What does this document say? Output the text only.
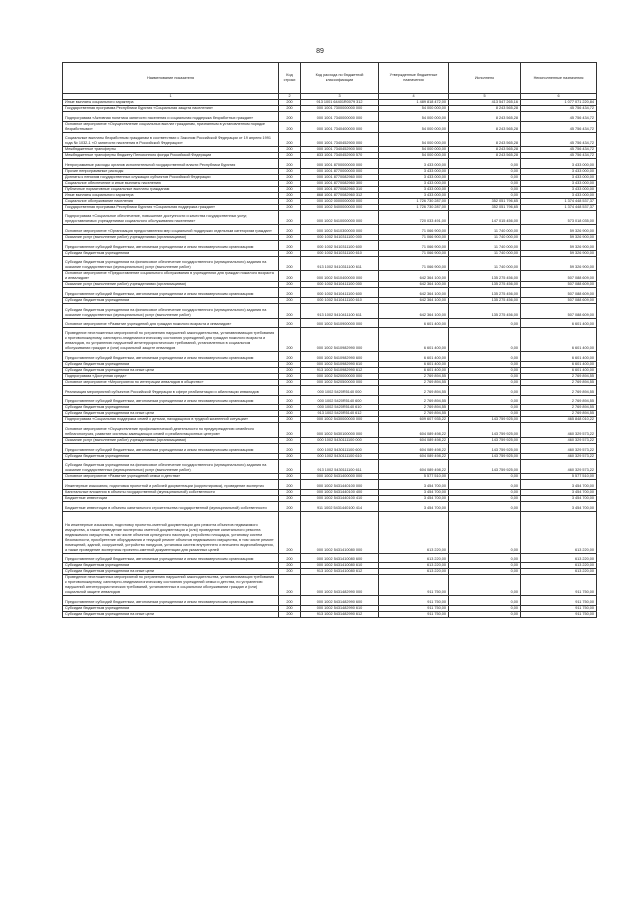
89
Наименование показателя	Код строки	Код расхода по бюджетной классификации	Утвержденные бюджетные назначения	Исполнено	Неисполненные назначения
1	2	3	4	5	6
Иные выплаты социального характера	200	913 1001 64401R0079 312	1 489 818 472,00	413 547 265,16	1 077 071 220,84
Государственная программа Республики Бурятия «Социальная защита населения»	200	000 1001 7300000000 000	54 000 000,00	8 243 565,28	45 756 434,72
Подпрограмма «Активная политика занятости населения и социальная поддержка безработных граждан»	200	000 1001 7340000000 000	54 000 000,00	8 243 565,28	45 756 434,72
Основное мероприятие «Осуществление социальных выплат гражданам, признанным в установленном порядке безработными»	200	000 1001 7340400000 000	54 000 000,00	8 243 565,28	45 756 434,72
Социальные выплаты безработным гражданам в соответствии с Законом Российской Федерации от 19 апреля 1991 года № 1032-1 «О занятости населения в Российской Федерации»	200	000 1001 7340452900 000	54 000 000,00	8 243 565,28	45 756 434,72
Межбюджетные трансферты	200	000 1001 7340452900 500	54 000 000,00	8 243 565,28	45 756 434,72
Межбюджетные трансферты бюджету Пенсионного фонда Российской Федерации	200	833 1001 7340452900 570	54 000 000,00	8 243 565,28	45 756 434,72
Непрограммные расходы органов исполнительной государственной власти Республики Бурятия	200	000 1001 8700000000 000	3 433 000,00	0,00	3 433 000,00
Прочие непрограммные расходы	200	000 1001 8770000000 000	3 433 000,00	0,00	3 433 000,00
Доплаты к пенсиям государственных служащих субъектов Российской Федерации	200	000 1001 8770082960 000	3 433 000,00	0,00	3 433 000,00
Социальное обеспечение и иные выплаты населению	200	000 1001 8770082960 300	3 433 000,00	0,00	3 433 000,00
Публичные нормативные социальные выплаты гражданам	200	000 1001 8770082960 310	3 433 000,00	0,00	3 433 000,00
Иные выплаты социального характера	200	868 1001 8770082960 312	3 433 000,00	0,00	3 433 000,00
Социальное обслуживание населения	200	000 1002 0000000000 000	1 726 730 287,00	352 051 796,65	1 374 448 537,37
Государственная программа Республики Бурятия «Социальная поддержка граждан»	200	000 1002 5400000000 000	1 726 730 287,00	352 051 796,65	1 374 448 537,37
Подпрограмма «Социальное обеспечение, повышение доступности и качества государственных услуг, предоставляемых учреждениями социального обслуживания населения»	200	000 1002 5410000000 000	720 033 491,00	147 015 456,00	573 018 035,00
Основное мероприятие «Организация предоставления мер социальной поддержки отдельным категориям граждан»	200	000 1002 5410300000 000	71 066 900,00	11 740 000,00	59 326 900,00
Оказание услуг (выполнение работ) учреждениями (организациями)	200	000 1002 5410311100 000	71 066 900,00	11 740 000,00	59 326 900,00
Предоставление субсидий бюджетным, автономным учреждениям и иным некоммерческим организациям	200	000 1002 5410311100 600	71 066 900,00	11 740 000,00	59 326 900,00
Субсидии бюджетным учреждениям	200	000 1002 5410311100 610	71 066 900,00	11 740 000,00	59 326 900,00
Субсидии бюджетным учреждениям на финансовое обеспечение государственного (муниципального) задания на оказание государственных (муниципальных) услуг (выполнение работ)	200	913 1002 5410311100 611	71 066 900,00	11 740 000,00	59 326 900,00
Основное мероприятие «Предоставление социального обслуживания в учреждениях для граждан пожилого возраста и инвалидов»	200	000 1002 5410400000 000	642 364 100,00	135 275 456,00	507 088 609,00
Оказание услуг (выполнение работ) учреждениями (организациями)	200	000 1002 5410411100 000	642 364 100,00	135 275 456,00	507 088 609,00
Предоставление субсидий бюджетным, автономным учреждениям и иным некоммерческим организациям	200	000 1002 5410411100 600	642 364 100,00	135 275 456,00	507 088 609,00
Субсидии бюджетным учреждениям	200	000 1002 5410411100 610	642 364 100,00	135 275 456,00	507 088 609,00
Субсидии бюджетным учреждениям на финансовое обеспечение государственного (муниципального) задания на оказание государственных (муниципальных) услуг (выполнение работ)	200	913 1002 5410411100 611	642 364 100,00	135 275 456,00	507 088 609,00
Основное мероприятие «Развитие учреждений для граждан пожилого возраста и инвалидов»	200	000 1002 5410900000 000	6 601 400,00	0,00	6 601 400,00
Проведение неотложенных мероприятий по устранению нарушений законодательства, устанавливающих требования к противопожарному, санитарно-эпидемиологическому состоянию учреждений для граждан пожилого возраста и инвалидов, по устранению нарушений антитеррористических требований, установленных в социальном обслуживании граждан и (или) социальной защите инвалидов	200	000 1002 5410982990 000	6 601 400,00	0,00	6 601 400,00
Предоставление субсидий бюджетным, автономным учреждениям и иным некоммерческим организациям	200	000 1002 5410982990 600	6 601 400,00	0,00	6 601 400,00
Субсидии бюджетным учреждениям	200	000 1002 5410982990 610	6 601 400,00	0,00	6 601 400,00
Субсидии бюджетным учреждениям на иные цели	200	913 1002 5410982990 612	6 601 400,00	0,00	6 601 400,00
Подпрограмма «Доступная среда»	200	000 1002 5420000000 000	2 769 894,55	0,00	2 769 894,55
Основное мероприятие «Мероприятия по интеграции инвалидов в общество»	200	000 1002 5420500000 000	2 769 894,55	0,00	2 769 894,55
Реализация мероприятий субъектов Российской Федерации в сфере реабилитации и абилитации инвалидов	200	000 1002 5420R5140 000	2 769 894,55	0,00	2 769 894,55
Предоставление субсидий бюджетным, автономным учреждениям и иным некоммерческим организациям	200	000 1002 5420R5140 600	2 769 894,55	0,00	2 769 894,55
Субсидии бюджетным учреждениям	200	000 1002 5420R5140 610	2 769 894,55	0,00	2 769 894,55
Субсидии бюджетным учреждениям на иные цели	200	913 1002 5420R5140 612	2 769 894,55	0,00	2 769 894,55
Подпрограмма «Социальная поддержка семей с детьми, находящихся в трудной жизненной ситуации»	200	000 1002 5430000000 000	609 607 935,22	143 759 925,00	465 848 010,22
Основное мероприятие «Осуществление профилактической деятельности по предупреждению семейного неблагополучия, развитие системы замещающих семей и реабилитационных центров»	200	000 1002 5430100000 000	604 089 498,22	143 759 925,00	460 329 573,22
Оказание услуг (выполнение работ) учреждениями (организациями)	200	000 1002 5430111100 000	604 089 498,22	143 759 925,00	460 329 573,22
Предоставление субсидий бюджетным, автономным учреждениям и иным некоммерческим организациям	200	000 1002 5430111100 600	604 089 498,22	143 759 925,00	460 329 573,22
Субсидии бюджетным учреждениям	200	000 1002 5430111100 610	604 089 498,22	143 759 925,00	460 329 573,22
Субсидии бюджетным учреждениям на финансовое обеспечение государственного (муниципального) задания на оказание государственных (муниципальных) услуг (выполнение работ)	200	913 1002 5430111100 611	604 089 498,22	143 759 925,00	460 329 573,22
Основное мероприятие «Развитие учреждений семьи и детства»	200	000 1002 5431400000 000	5 577 510,00	0,00	5 577 510,00
Инженерные изыскания, подготовка проектной и рабочей документации (корректировка), проведение экспертиз	200	000 1002 5431440100 000	3 454 700,00	0,00	3 454 700,00
Капитальные вложения в объекты государственной (муниципальной) собственности	200	000 1002 5431440100 400	3 454 700,00	0,00	3 454 700,00
Бюджетные инвестиции	200	000 1002 5431440100 410	3 454 700,00	0,00	3 454 700,00
Бюджетные инвестиции в объекты капитального строительства государственной (муниципальной) собственности	200	911 1002 5431440100 414	3 454 700,00	0,00	3 454 700,00
На инженерные изыскания, подготовку проектно-сметной документации для ремонта объектов недвижимого имущества, а также проведение экспертизы сметной документации и (или) проведение капитального ремонта недвижимого имущества, в том числе объектов культурного наследия, устройство площадок, установку систем безопасности, приобретение оборудования и текущий ремонт объектов недвижимого имущества, в том числе ремонт помещений, зданий, сооружений, устройство пандусов, установка систем внутреннего и внешнего видеонаблюдения, а также проведение экспертизы проектно-сметной документации для указанных целей	200	000 1002 5431410080 000	613 220,00	0,00	613 220,00
Предоставление субсидий бюджетным, автономным учреждениям и иным некоммерческим организациям	200	000 1002 5431410080 600	613 220,00	0,00	613 220,00
Субсидии бюджетным учреждениям	200	000 1002 5431410080 610	613 220,00	0,00	613 220,00
Субсидии бюджетным учреждениям на иные цели	200	913 1002 5431410080 612	613 220,00	0,00	613 220,00
Проведение неотложенных мероприятий по устранению нарушений законодательства, устанавливающих требования к противопожарному, санитарно-эпидемиологическому состоянию учреждений семьи и детства, по устранению нарушений антитеррористических требований, установленных в социальном обслуживании граждан и (или) социальной защите инвалидов	200	000 1002 5431482990 000	911 750,00	0,00	911 750,00
Предоставление субсидий бюджетным, автономным учреждениям и иным некоммерческим организациям	200	000 1002 5431482990 600	911 750,00	0,00	911 750,00
Субсидии бюджетным учреждениям	200	000 1002 5431482990 610	911 750,00	0,00	911 750,00
Субсидии бюджетным учреждениям на иные цели	200	913 1002 5431482990 612	911 750,00	0,00	911 750,00
